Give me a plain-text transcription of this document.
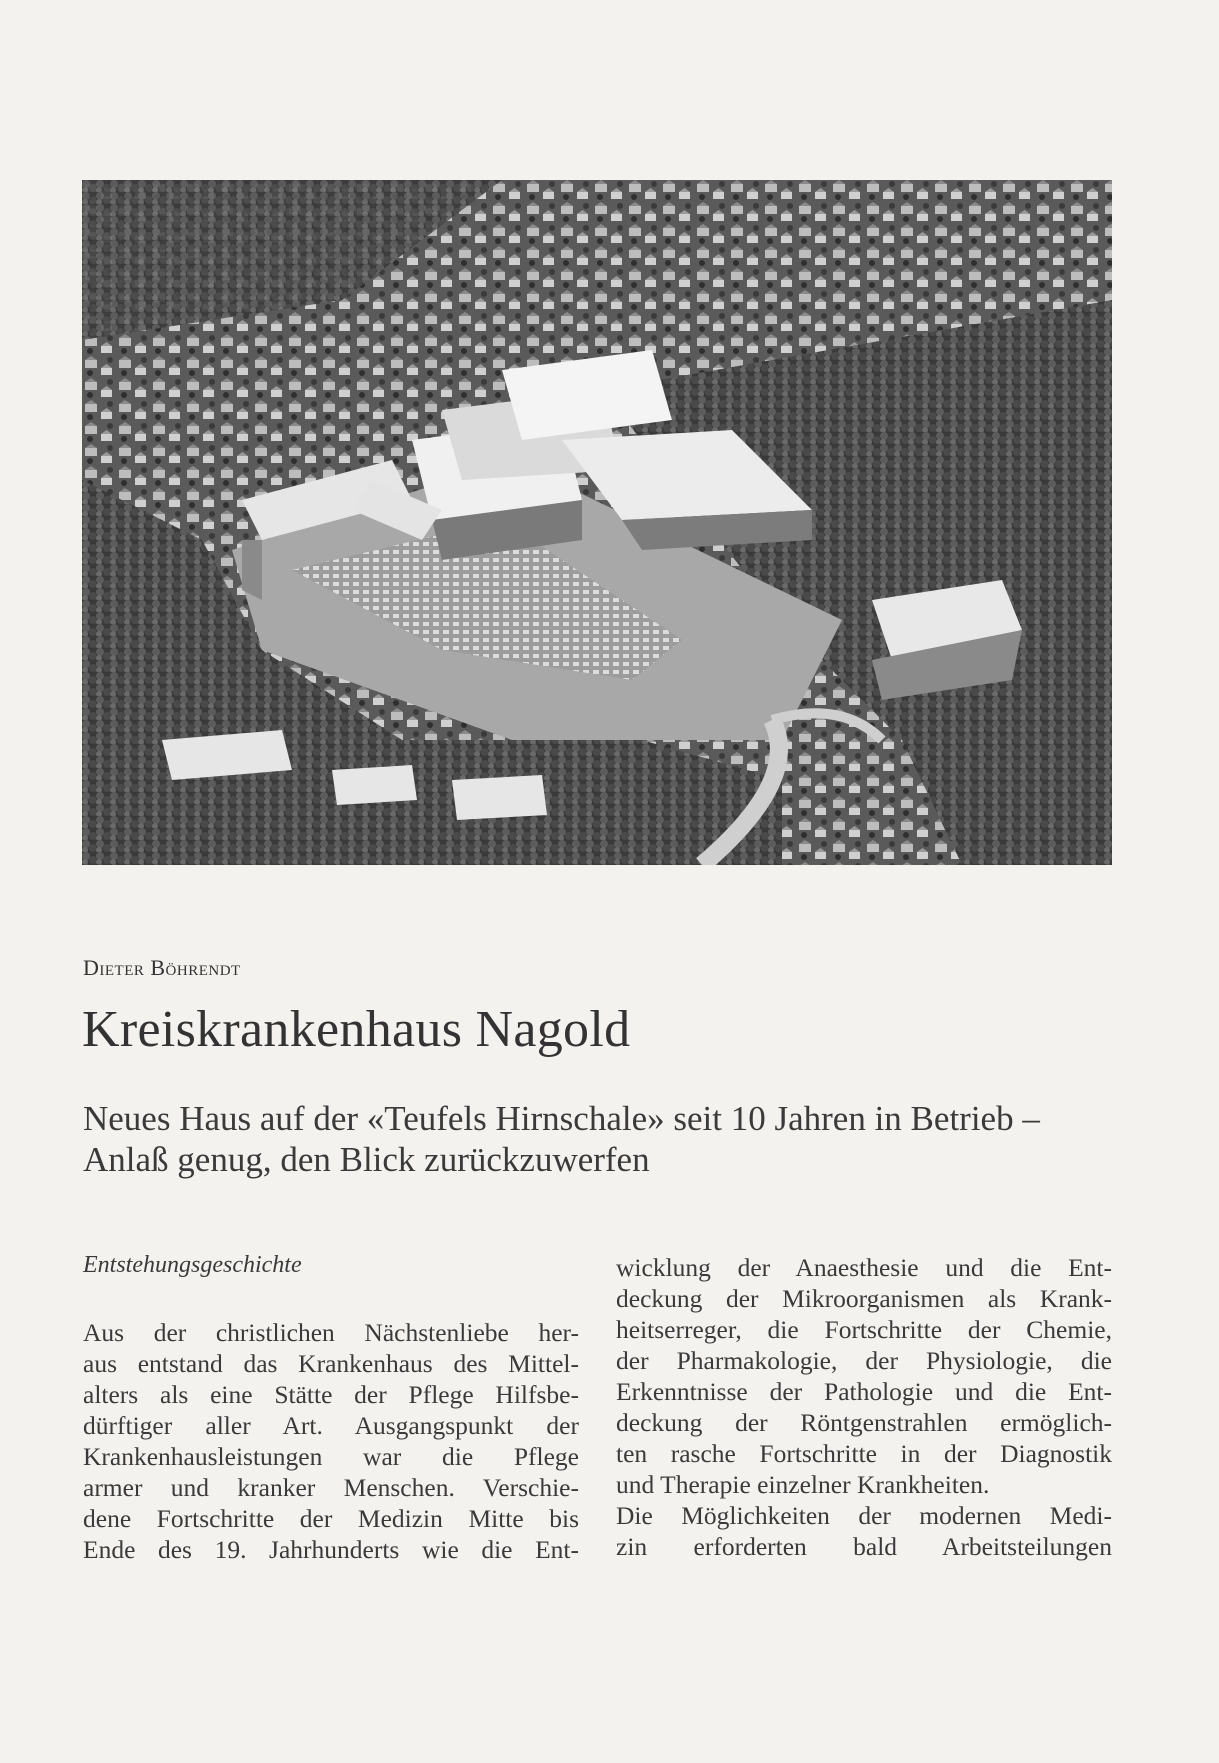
Dieter Böhrendt
Kreiskrankenhaus Nagold
Neues Haus auf der «Teufels Hirnschale» seit 10 Jahren in Betrieb – Anlaß genug, den Blick zurückzuwerfen
Entstehungsgeschichte
Aus der christlichen Nächstenliebe her-
aus entstand das Krankenhaus des Mittel-
alters als eine Stätte der Pflege Hilfsbe-
dürftiger aller Art. Ausgangspunkt der
Krankenhausleistungen war die Pflege
armer und kranker Menschen. Verschie-
dene Fortschritte der Medizin Mitte bis
Ende des 19. Jahrhunderts wie die Ent-
wicklung der Anaesthesie und die Ent-
deckung der Mikroorganismen als Krank-
heitserreger, die Fortschritte der Chemie,
der Pharmakologie, der Physiologie, die
Erkenntnisse der Pathologie und die Ent-
deckung der Röntgenstrahlen ermöglich-
ten rasche Fortschritte in der Diagnostik
und Therapie einzelner Krankheiten.
Die Möglichkeiten der modernen Medi-
zin erforderten bald Arbeitsteilungen
